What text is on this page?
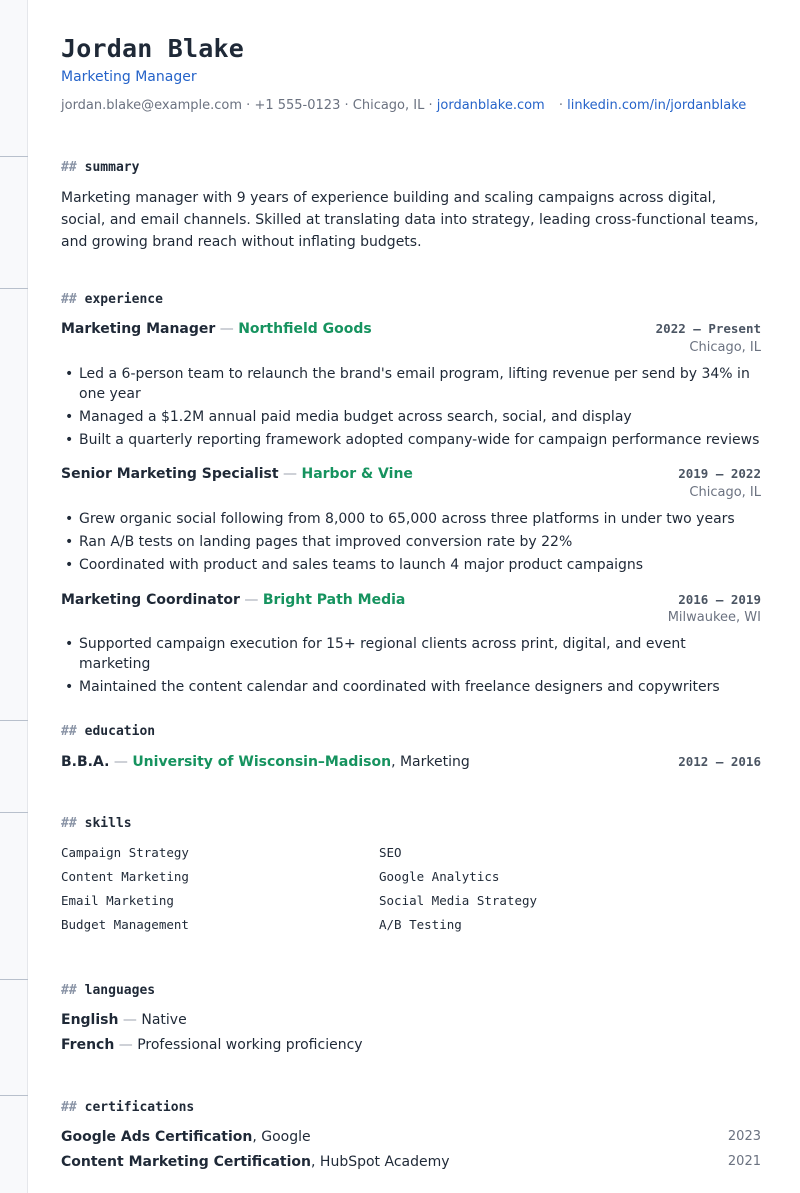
Jordan Blake
Marketing Manager
jordan.blake@example.com · +1 555-0123 · Chicago, IL · jordanblake.com · linkedin.com/in/jordanblake
## summary
Marketing manager with 9 years of experience building and scaling campaigns across digital, social, and email channels. Skilled at translating data into strategy, leading cross-functional teams, and growing brand reach without inflating budgets.
## experience
Marketing Manager — Northfield Goods	2022 – Present
Chicago, IL
• Led a 6-person team to relaunch the brand's email program, lifting revenue per send by 34% in one year
• Managed a $1.2M annual paid media budget across search, social, and display
• Built a quarterly reporting framework adopted company-wide for campaign performance reviews
Senior Marketing Specialist — Harbor & Vine	2019 – 2022
Chicago, IL
• Grew organic social following from 8,000 to 65,000 across three platforms in under two years
• Ran A/B tests on landing pages that improved conversion rate by 22%
• Coordinated with product and sales teams to launch 4 major product campaigns
Marketing Coordinator — Bright Path Media	2016 – 2019
Milwaukee, WI
• Supported campaign execution for 15+ regional clients across print, digital, and event marketing
• Maintained the content calendar and coordinated with freelance designers and copywriters
## education
B.B.A. — University of Wisconsin–Madison, Marketing	2012 – 2016
## skills
Campaign Strategy	SEO
Content Marketing	Google Analytics
Email Marketing	Social Media Strategy
Budget Management	A/B Testing
## languages
English — Native
French — Professional working proficiency
## certifications
Google Ads Certification, Google	2023
Content Marketing Certification, HubSpot Academy	2021
